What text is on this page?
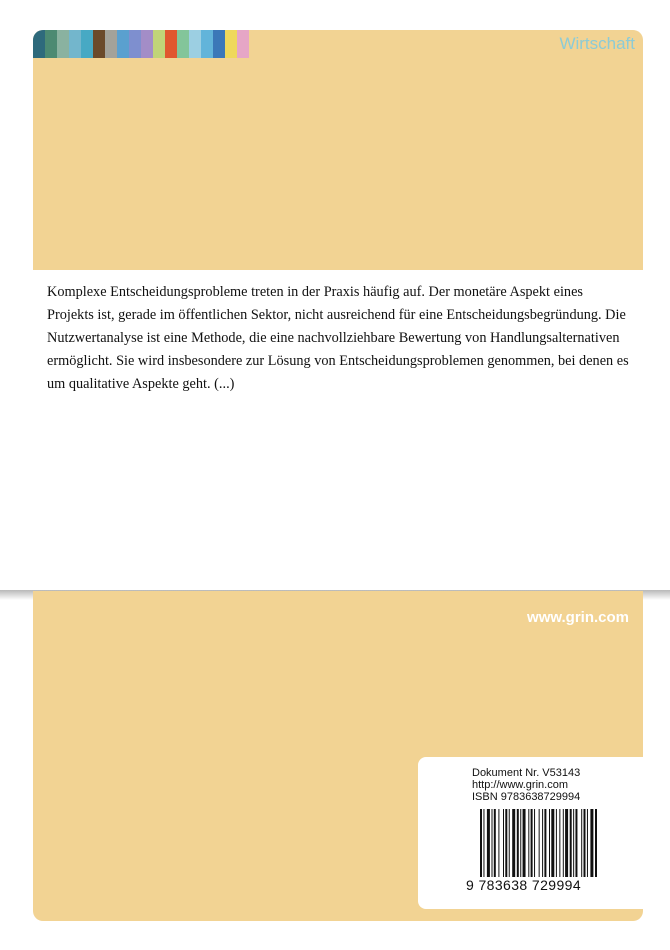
Wirtschaft

Komplexe Entscheidungsprobleme treten in der Praxis häufig auf. Der monetäre Aspekt eines Projekts ist, gerade im öffentlichen Sektor, nicht ausreichend für eine Entscheidungsbegründung. Die Nutzwertanalyse ist eine Methode, die eine nachvollziehbare Bewertung von Handlungsalternativen ermöglicht. Sie wird insbesondere zur Lösung von Entscheidungsproblemen genommen, bei denen es um qualitative Aspekte geht. (...)

www.grin.com
Dokument Nr. V53143
http://www.grin.com
ISBN 9783638729994
9 783638 729994
